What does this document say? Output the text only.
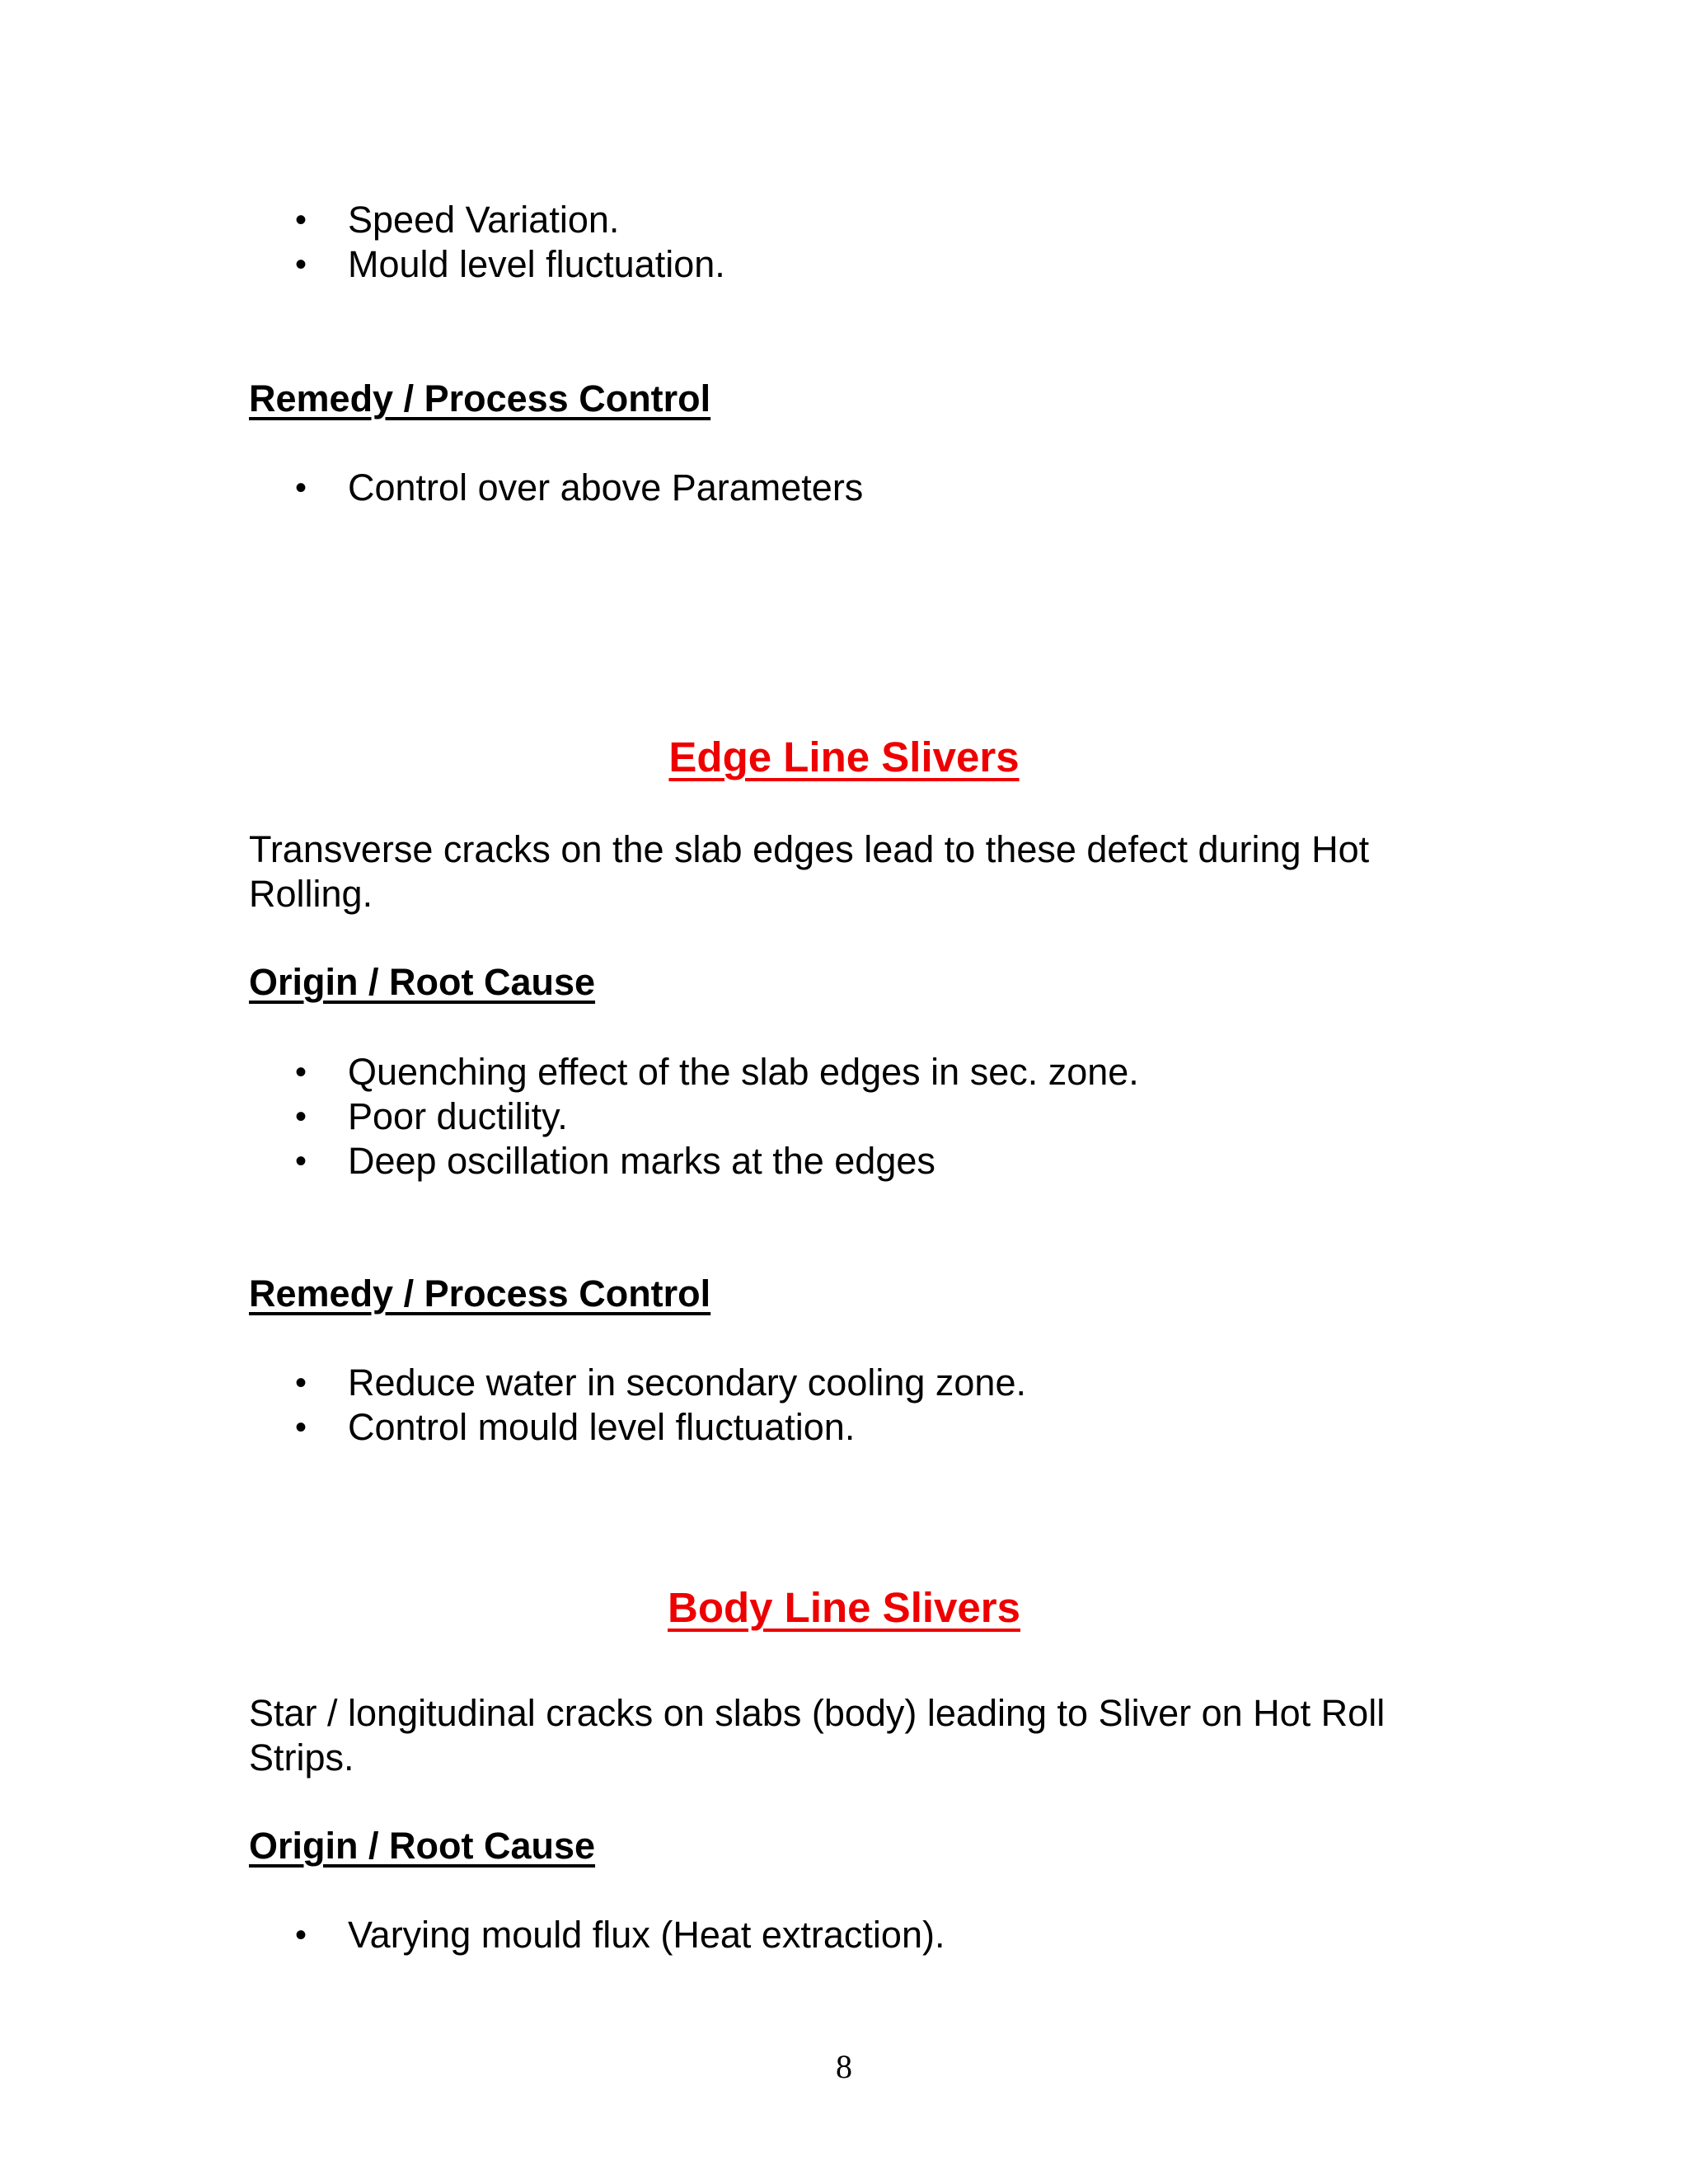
• Speed Variation.
• Mould level fluctuation.
Remedy / Process Control
• Control over above Parameters
Edge Line Slivers

Transverse cracks on the slab edges lead to these defect during Hot Rolling.

Origin / Root Cause
• Quenching effect of the slab edges in sec. zone.
• Poor ductility.
• Deep oscillation marks at the edges
Remedy / Process Control
• Reduce water in secondary cooling zone.
• Control mould level fluctuation.
Body Line Slivers

Star / longitudinal cracks on slabs (body) leading to Sliver on Hot Roll Strips.

Origin / Root Cause
• Varying mould flux (Heat extraction).
8
